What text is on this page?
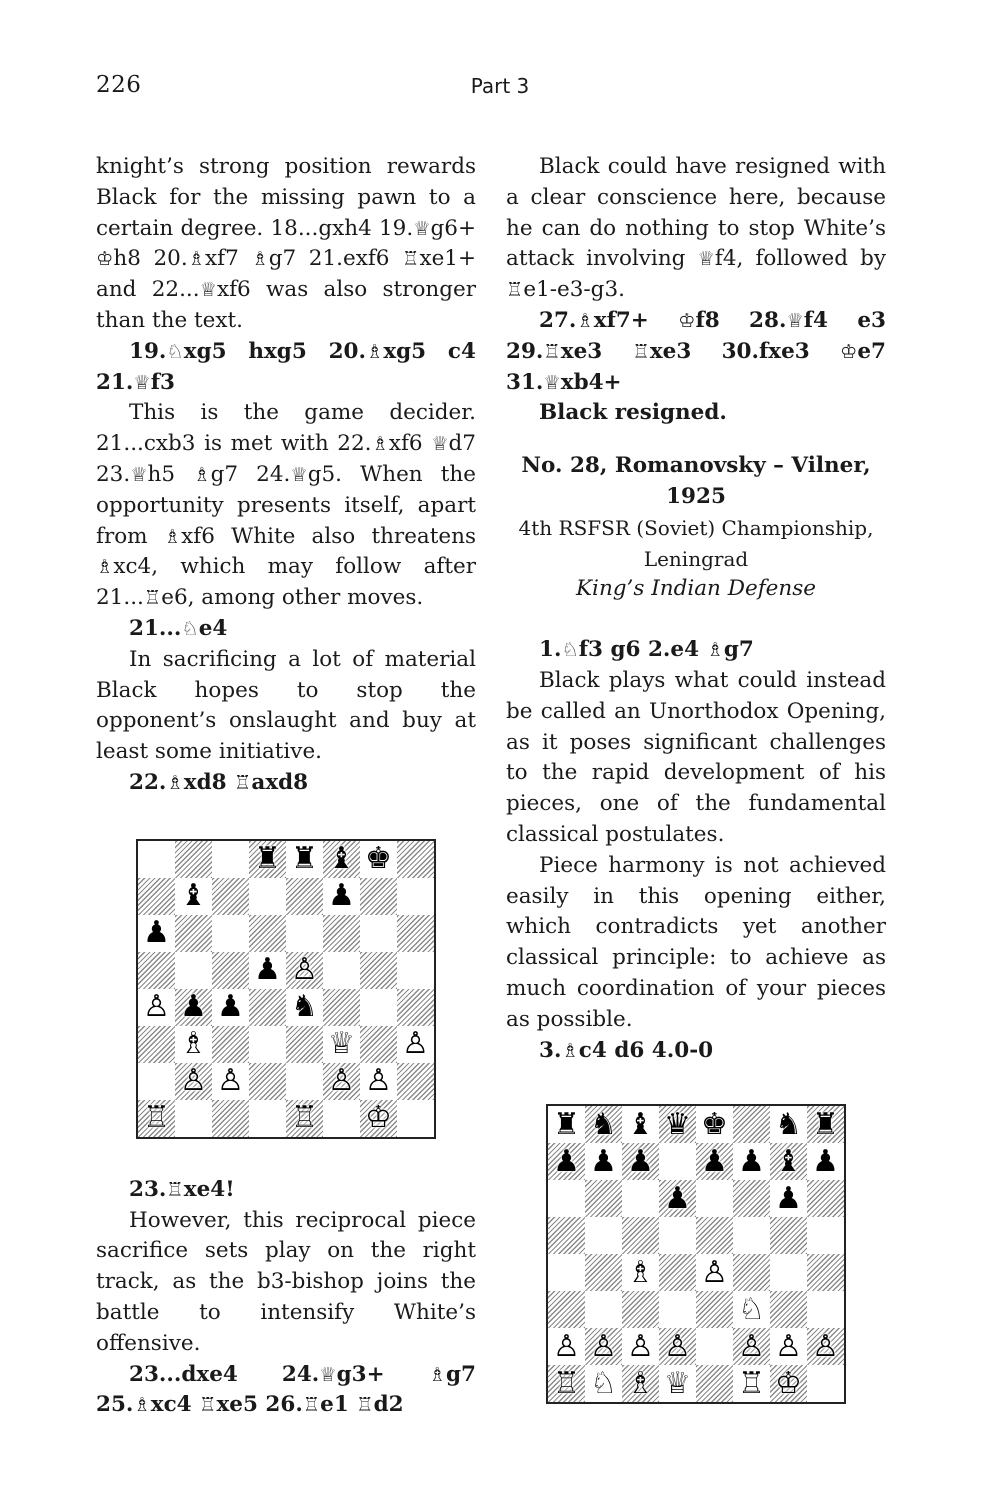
226	Part 3
knight’s strong position rewards Black for the missing pawn to a certain degree. 18...gxh4 19.♕g6+ ♔h8 20.♗xf7 ♗g7 21.exf6 ♖xe1+ and 22...♕xf6 was also stronger than the text.
19.♘xg5 hxg5 20.♗xg5 c4 21.♕f3
This is the game decider. 21...cxb3 is met with 22.♗xf6 ♕d7 23.♕h5 ♗g7 24.♕g5. When the opportunity presents itself, apart from ♗xf6 White also threatens ♗xc4, which may follow after 21...♖e6, among other moves.
21...♘e4
In sacrificing a lot of material Black hopes to stop the opponent’s onslaught and buy at least some initiative.
22.♗xd8 ♖axd8
♜ ♜ ♝ ♚
♝	♟
♟
♟ ♙
♙ ♟ ♟ ♞
♗	♕ ♙
♙ ♙	♙ ♙
♖	♖ ♔
23.♖xe4!
However, this reciprocal piece sacrifice sets play on the right track, as the b3-bishop joins the battle to intensify White’s offensive.
23...dxe4 24.♕g3+ ♗g7 25.♗xc4 ♖xe5 26.♖e1 ♖d2
Black could have resigned with a clear conscience here, because he can do nothing to stop White’s attack involving ♕f4, followed by ♖e1-e3-g3.
27.♗xf7+ ♔f8 28.♕f4 e3 29.♖xe3 ♖xe3 30.fxe3 ♔e7 31.♕xb4+
Black resigned.
No. 28, Romanovsky – Vilner, 1925
4th RSFSR (Soviet) Championship, Leningrad
King’s Indian Defense
1.♘f3 g6 2.e4 ♗g7
Black plays what could instead be called an Unorthodox Opening, as it poses significant challenges to the rapid development of his pieces, one of the fundamental classical postulates.
Piece harmony is not achieved easily in this opening either, which contradicts yet another classical principle: to achieve as much coordination of your pieces as possible.
3.♗c4 d6 4.0-0
♜ ♞ ♝ ♛ ♚ ♞ ♜
♟ ♟ ♟ ♟ ♟ ♝ ♟
♟	♟
♗ ♙
♘
♙ ♙ ♙ ♙ ♙ ♙ ♙
♖ ♘ ♗ ♕ ♖ ♔
